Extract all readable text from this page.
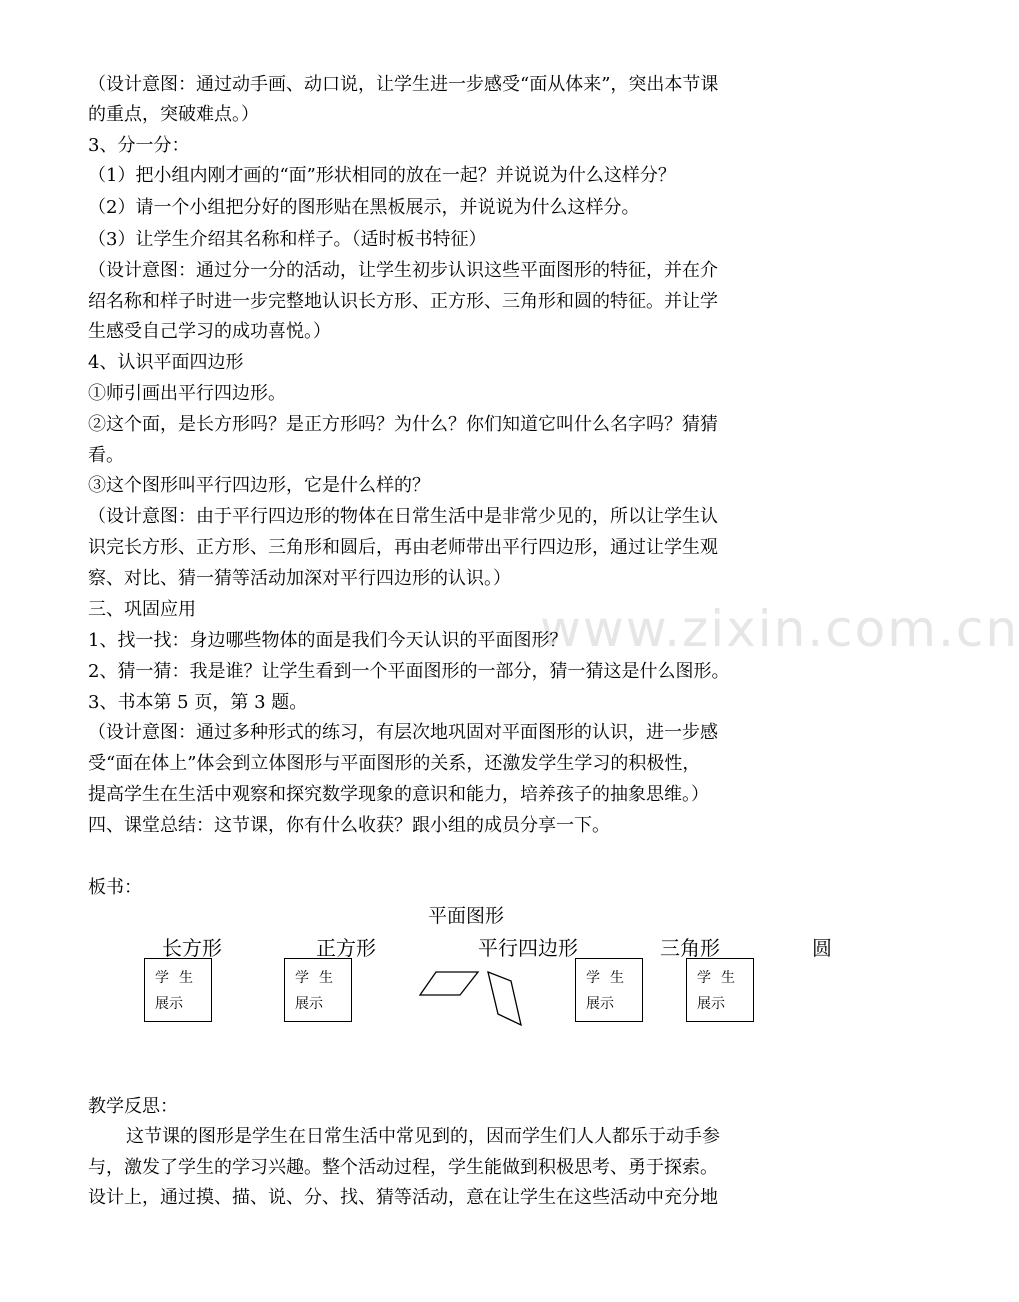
www.zixin.com.cn
（设计意图：通过动手画、动口说，让学生进一步感受“面从体来”，突出本节课
的重点，突破难点。）
3、分一分：
（1）把小组内刚才画的“面”形状相同的放在一起？并说说为什么这样分？
（2）请一个小组把分好的图形贴在黑板展示，并说说为什么这样分。
（3）让学生介绍其名称和样子。（适时板书特征）
（设计意图：通过分一分的活动，让学生初步认识这些平面图形的特征，并在介
绍名称和样子时进一步完整地认识长方形、正方形、三角形和圆的特征。并让学
生感受自己学习的成功喜悦。）
4、认识平面四边形
①师引画出平行四边形。
②这个面，是长方形吗？是正方形吗？为什么？你们知道它叫什么名字吗？猜猜
看。
③这个图形叫平行四边形，它是什么样的？
（设计意图：由于平行四边形的物体在日常生活中是非常少见的，所以让学生认
识完长方形、正方形、三角形和圆后，再由老师带出平行四边形，通过让学生观
察、对比、猜一猜等活动加深对平行四边形的认识。）
三、巩固应用
1、找一找：身边哪些物体的面是我们今天认识的平面图形？
2、猜一猜：我是谁？让学生看到一个平面图形的一部分，猜一猜这是什么图形。
3、书本第 5 页，第 3 题。
（设计意图：通过多种形式的练习，有层次地巩固对平面图形的认识，进一步感
受“面在体上”体会到立体图形与平面图形的关系，还激发学生学习的积极性，
提高学生在生活中观察和探究数学现象的意识和能力，培养孩子的抽象思维。）
四、课堂总结：这节课，你有什么收获？跟小组的成员分享一下。
板书：
平面图形
长方形	正方形	平行四边形	三角形	圆
学生
展示
学生
展示
学生
展示
学生
展示
教学反思：
这节课的图形是学生在日常生活中常见到的，因而学生们人人都乐于动手参
与，激发了学生的学习兴趣。整个活动过程，学生能做到积极思考、勇于探索。
设计上，通过摸、描、说、分、找、猜等活动，意在让学生在这些活动中充分地
